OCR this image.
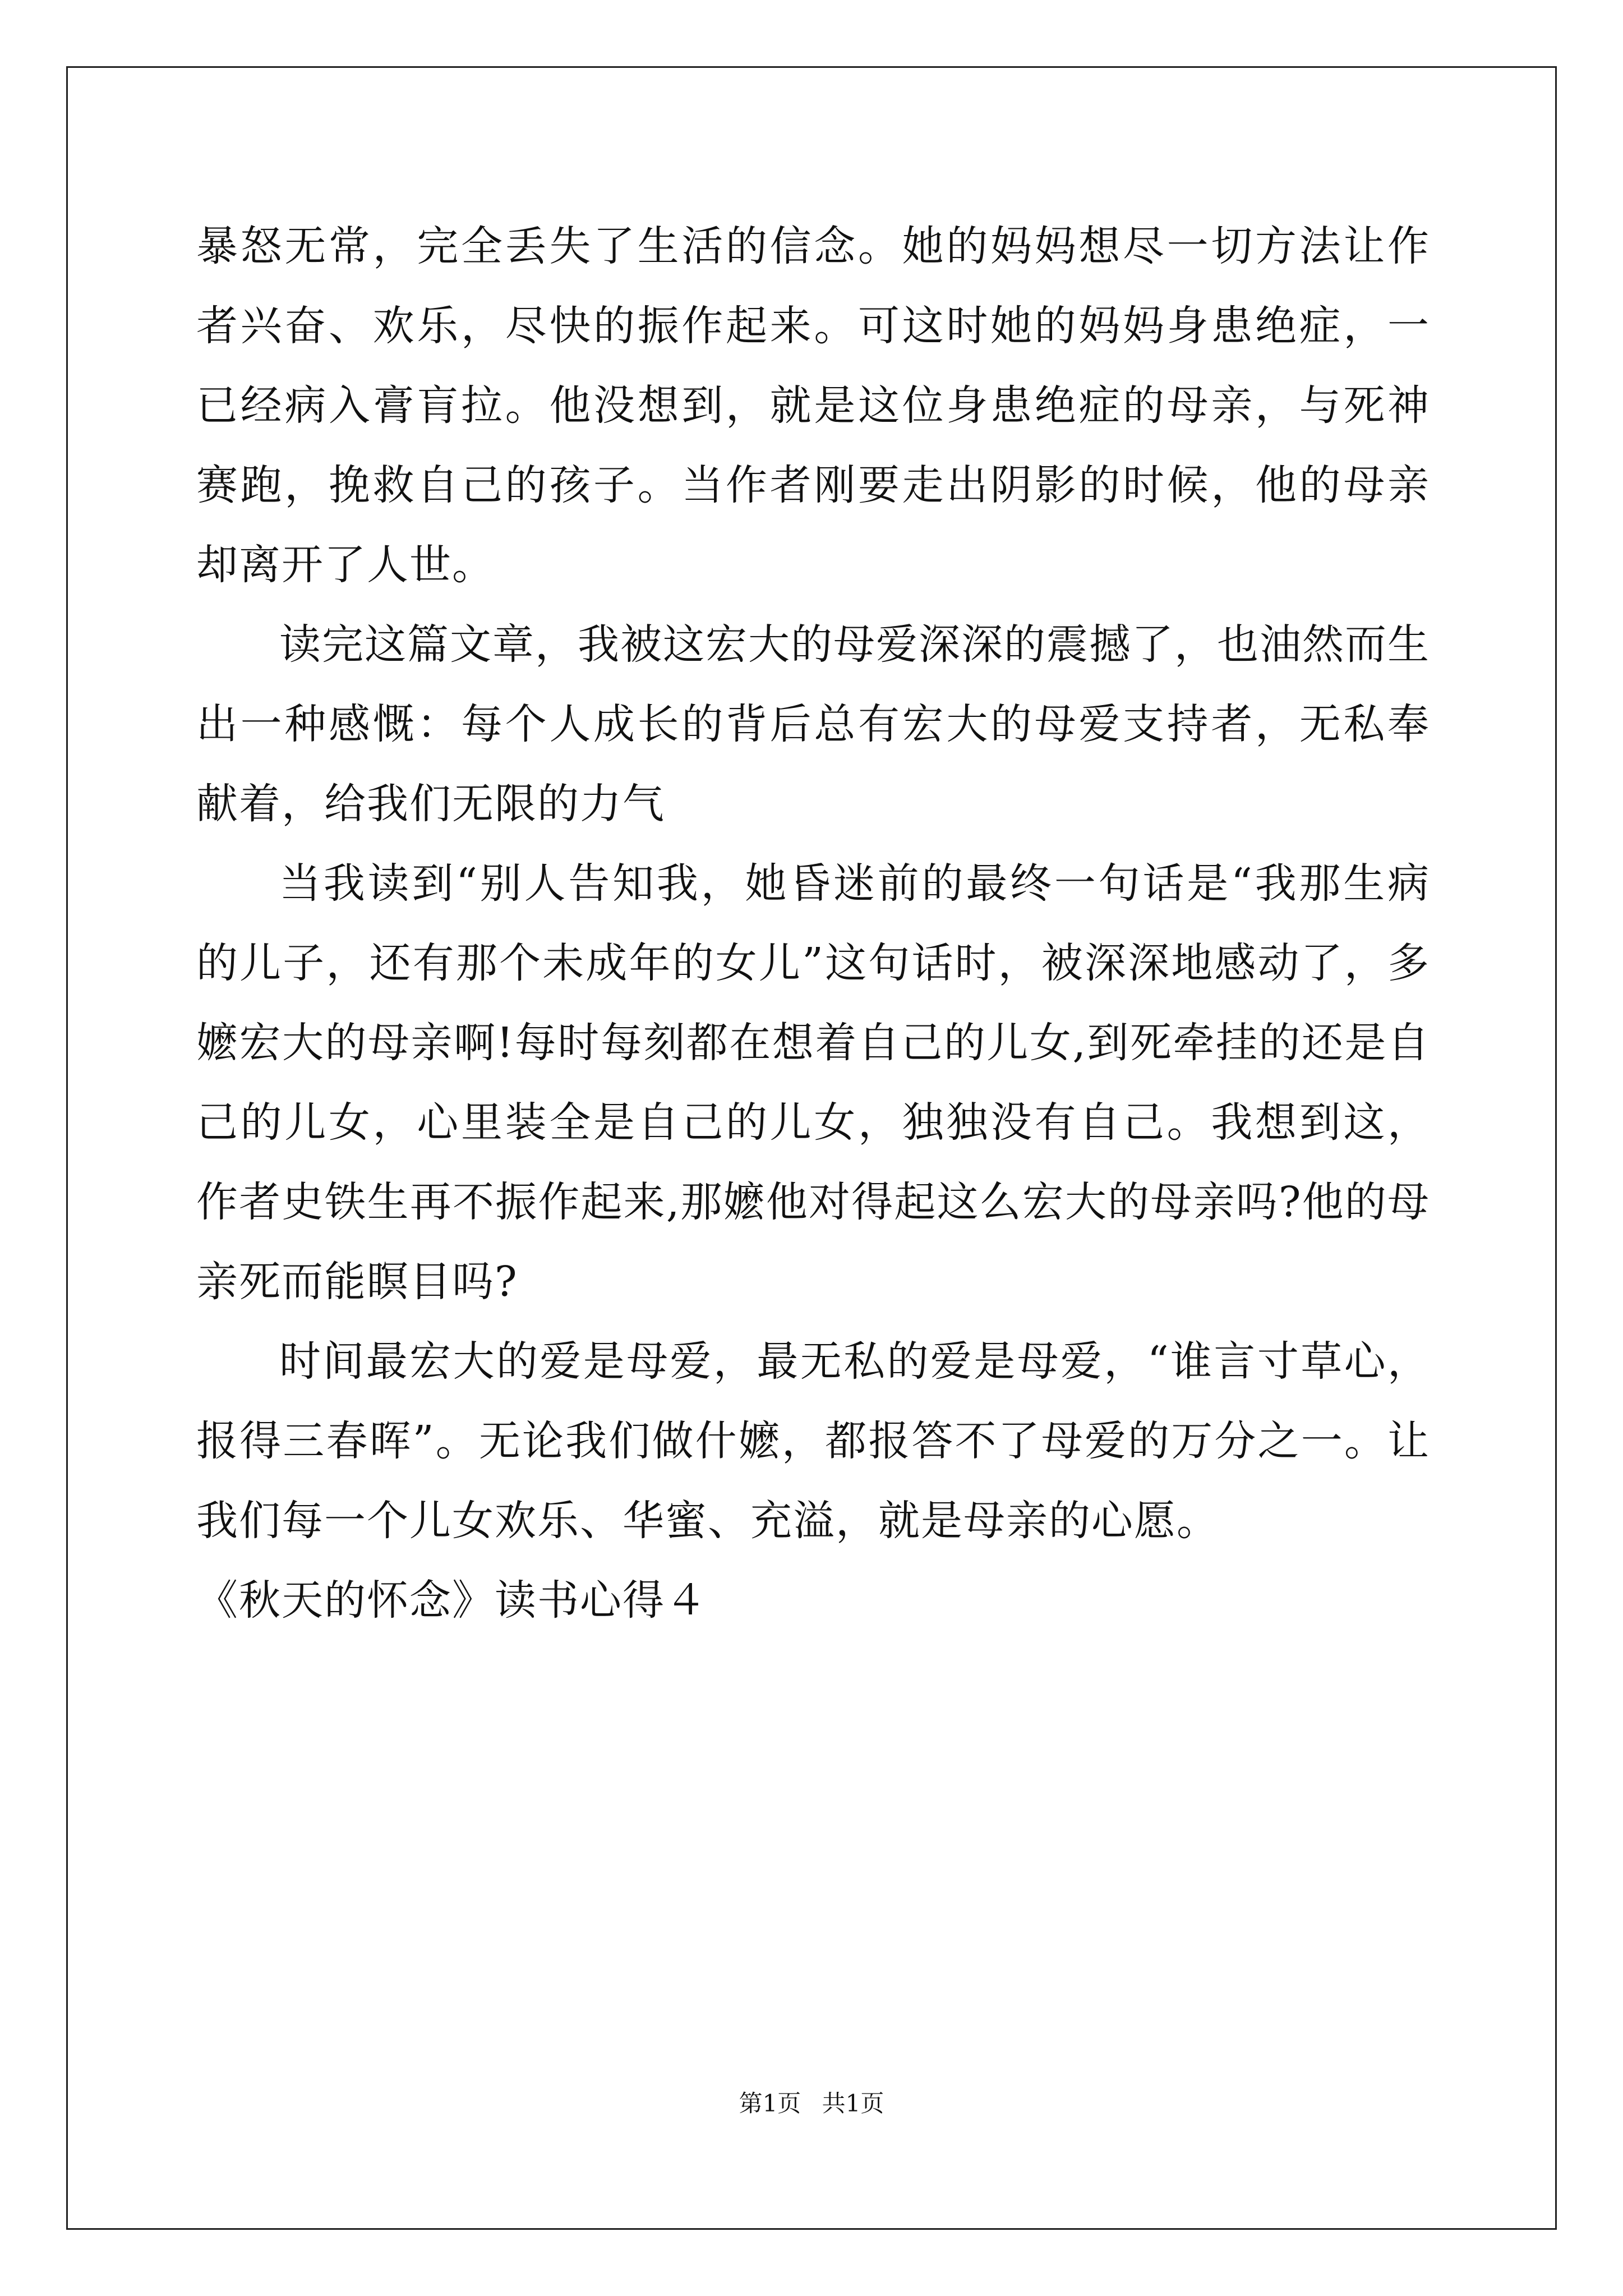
暴怒无常，完全丢失了生活的信念。她的妈妈想尽一切方法让作者兴奋、欢乐，尽快的振作起来。可这时她的妈妈身患绝症，一已经病入膏肓拉。他没想到，就是这位身患绝症的母亲，与死神赛跑，挽救自己的孩子。当作者刚要走出阴影的时候，他的母亲却离开了人世。

读完这篇文章，我被这宏大的母爱深深的震撼了，也油然而生出一种感慨：每个人成长的背后总有宏大的母爱支持者，无私奉献着，给我们无限的力气

当我读到“别人告知我，她昏迷前的最终一句话是“我那生病的儿子，还有那个未成年的女儿”这句话时，被深深地感动了，多嬷宏大的母亲啊!每时每刻都在想着自己的儿女,到死牵挂的还是自己的儿女，心里装全是自己的儿女，独独没有自己。我想到这，作者史铁生再不振作起来,那嬷他对得起这么宏大的母亲吗?他的母亲死而能瞑目吗?

时间最宏大的爱是母爱，最无私的爱是母爱，“谁言寸草心，报得三春晖”。无论我们做什嬷，都报答不了母爱的万分之一。让我们每一个儿女欢乐、华蜜、充溢，就是母亲的心愿。

《秋天的怀念》读书心得４

第1页 共1页
